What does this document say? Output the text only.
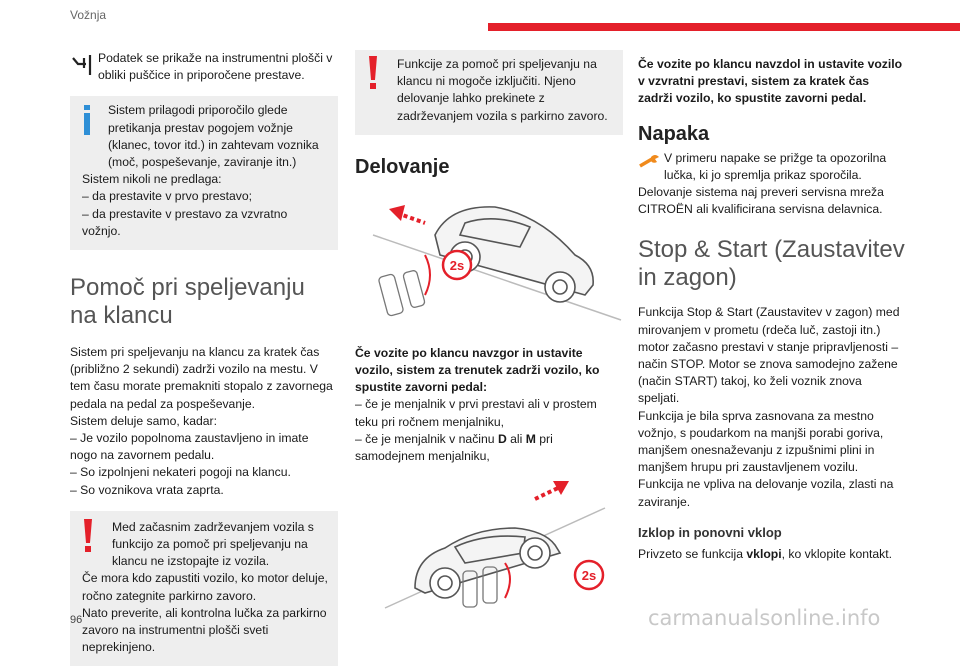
Vožnja

Podatek se prikaže na instrumentni plošči v obliki puščice in priporočene prestave.

Sistem prilagodi priporočilo glede pretikanja prestav pogojem vožnje (klanec, tovor itd.) in zahtevam voznika (moč, pospeševanje, zaviranje itn.)

Sistem nikoli ne predlaga:

– da prestavite v prvo prestavo;

– da prestavite v prestavo za vzvratno vožnjo.

Pomoč pri speljevanju na klancu

Sistem pri speljevanju na klancu za kratek čas (približno 2 sekundi) zadrži vozilo na mestu. V tem času morate premakniti stopalo z zavornega pedala na pedal za pospeševanje.

Sistem deluje samo, kadar:

– Je vozilo popolnoma zaustavljeno in imate nogo na zavornem pedalu.

– So izpolnjeni nekateri pogoji na klancu.

– So voznikova vrata zaprta.

Med začasnim zadrževanjem vozila s funkcijo za pomoč pri speljevanju na klancu ne izstopajte iz vozila.

Če mora kdo zapustiti vozilo, ko motor deluje, ročno zategnite parkirno zavoro.

Nato preverite, ali kontrolna lučka za parkirno zavoro na instrumentni plošči sveti neprekinjeno.

Funkcije za pomoč pri speljevanju na klancu ni mogoče izključiti. Njeno delovanje lahko prekinete z zadrževanjem vozila s parkirno zavoro.

Delovanje
2s

Če vozite po klancu navzgor in ustavite vozilo, sistem za trenutek zadrži vozilo, ko spustite zavorni pedal:

– če je menjalnik v prvi prestavi ali v prostem teku pri ročnem menjalniku,

– če je menjalnik v načinu D ali M pri samodejnem menjalniku,

2s

Če vozite po klancu navzdol in ustavite vozilo v vzvratni prestavi, sistem za kratek čas zadrži vozilo, ko spustite zavorni pedal.

Napaka

V primeru napake se prižge ta opozorilna lučka, ki jo spremlja prikaz sporočila.

Delovanje sistema naj preveri servisna mreža CITROËN ali kvalificirana servisna delavnica.

Stop & Start (Zaustavitev in zagon)

Funkcija Stop & Start (Zaustavitev v zagon) med mirovanjem v prometu (rdeča luč, zastoji itn.) motor začasno prestavi v stanje pripravljenosti – način STOP. Motor se znova samodejno zažene (način START) takoj, ko želi voznik znova speljati.

Funkcija je bila sprva zasnovana za mestno vožnjo, s poudarkom na manjši porabi goriva, manjšem onesnaževanju z izpušnimi plini in manjšem hrupu pri zaustavljenem vozilu.

Funkcija ne vpliva na delovanje vozila, zlasti na zaviranje.

Izklop in ponovni vklop

Privzeto se funkcija vklopi, ko vklopite kontakt.

96	carmanualsonline.info
